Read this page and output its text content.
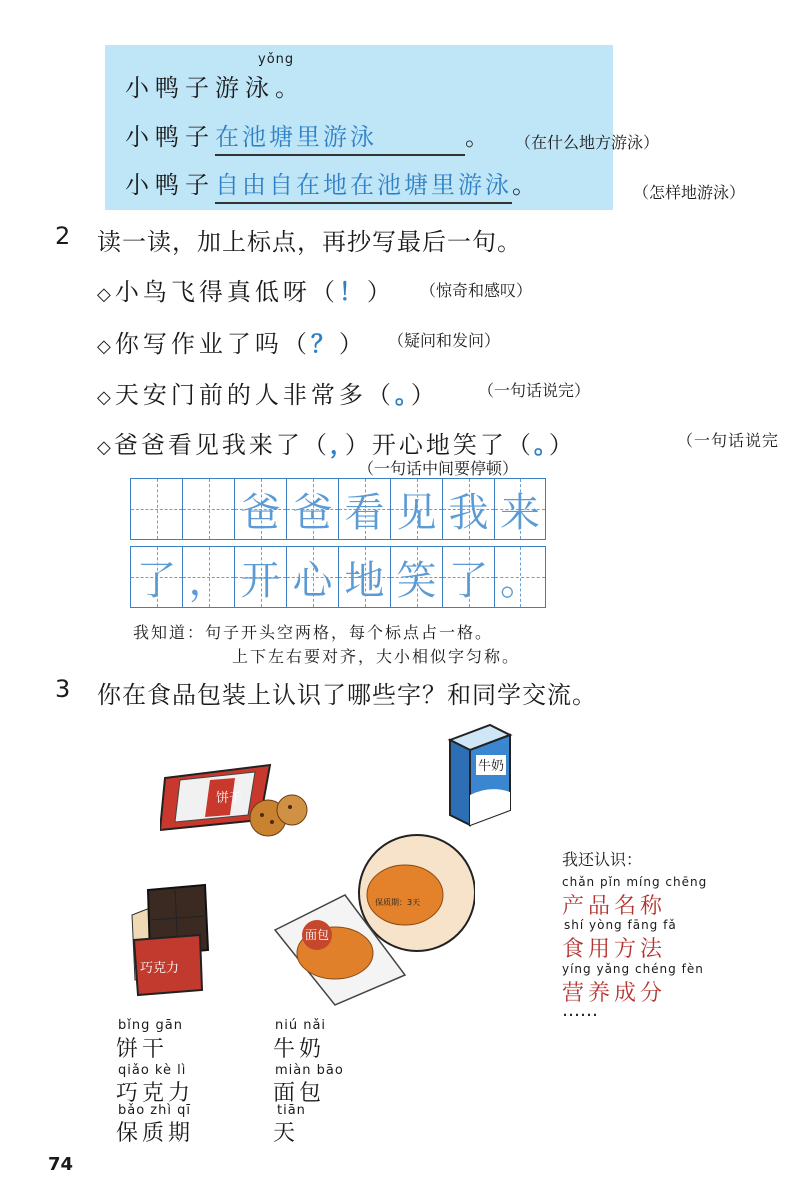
yǒng
小鸭子游泳。
小鸭子在池塘里游泳	。 （在什么地方游泳）
小鸭子自由自在地在池塘里游泳。	（怎样地游泳）
2 读一读，加上标点，再抄写最后一句。
◇小鸟飞得真低呀（！） （惊奇和感叹）
◇你写作业了吗（？） （疑问和发问）
◇天安门前的人非常多（。） （一句话说完）
◇爸爸看见我来了（，）开心地笑了（。）	（一句话说完
（一句话中间要停顿）
爸 爸 看 见 我 来
了 ， 开 心 地 笑 了 。
我知道：句子开头空两格，每个标点占一格。
上下左右要对齐，大小相似字匀称。
3 你在食品包装上认识了哪些字？和同学交流。
饼干
牛奶
保质期：3天
面包
巧克力
我还认识：
chǎn pǐn míng chēng
产品名称
shí yòng fāng fǎ
食用方法
yíng yǎng chéng fèn
营养成分
……
bǐng gān
饼干
qiǎo kè lì
巧克力
bǎo zhì qī
保质期
niú nǎi
牛奶
miàn bāo
面包
tiān
天
74
